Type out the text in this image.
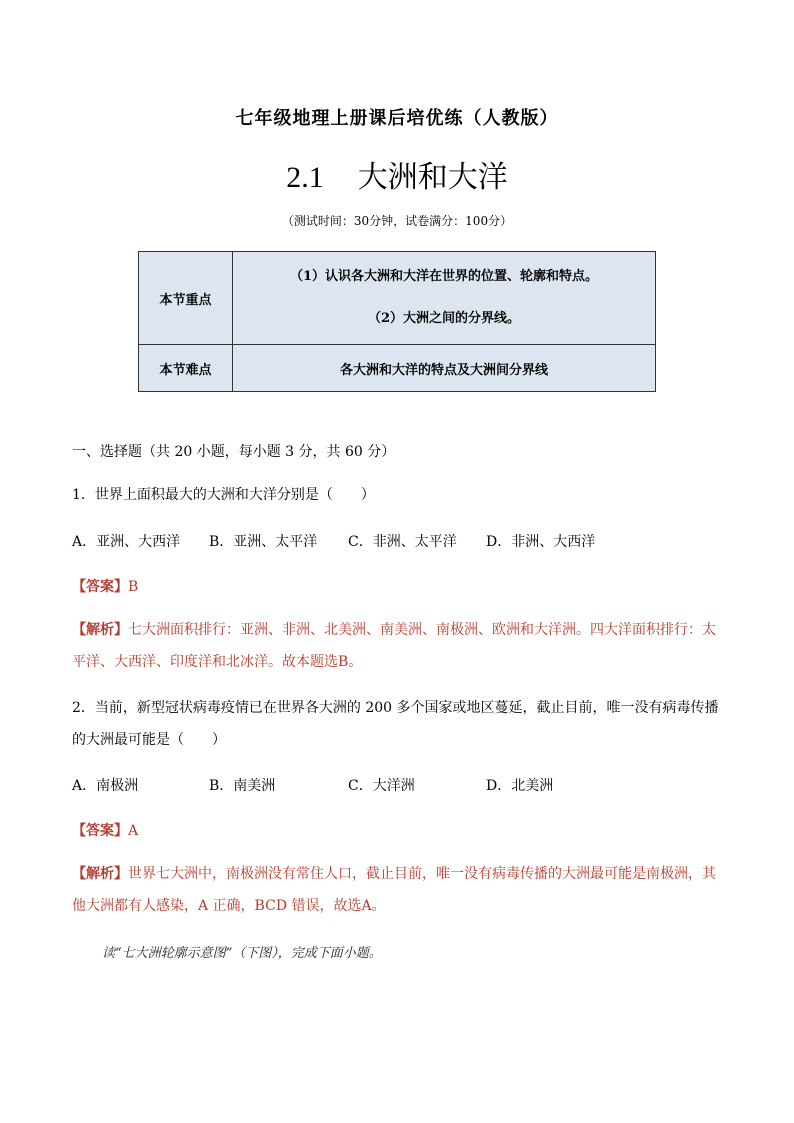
七年级地理上册课后培优练（人教版）
2.1 大洲和大洋
（测试时间：30分钟，试卷满分：100分）
本节重点	（1）认识各大洲和大洋在世界的位置、轮廓和特点。
（2）大洲之间的分界线。

本节难点	各大洲和大洋的特点及大洲间分界线
一、选择题（共 20 小题，每小题 3 分，共 60 分）
1．世界上面积最大的大洲和大洋分别是（　　）
A．亚洲、大西洋	B．亚洲、太平洋	C．非洲、太平洋	D．非洲、大西洋
【答案】B
【解析】七大洲面积排行：亚洲、非洲、北美洲、南美洲、南极洲、欧洲和大洋洲。四大洋面积排行：太平洋、大西洋、印度洋和北冰洋。故本题选B。
2．当前，新型冠状病毒疫情已在世界各大洲的 200 多个国家或地区蔓延，截止目前，唯一没有病毒传播的大洲最可能是（　　）
A．南极洲	B．南美洲	C．大洋洲	D．北美洲
【答案】A
【解析】世界七大洲中，南极洲没有常住人口，截止目前，唯一没有病毒传播的大洲最可能是南极洲，其他大洲都有人感染，A 正确，BCD 错误，故选A。
读“七大洲轮廓示意图”（下图），完成下面小题。
